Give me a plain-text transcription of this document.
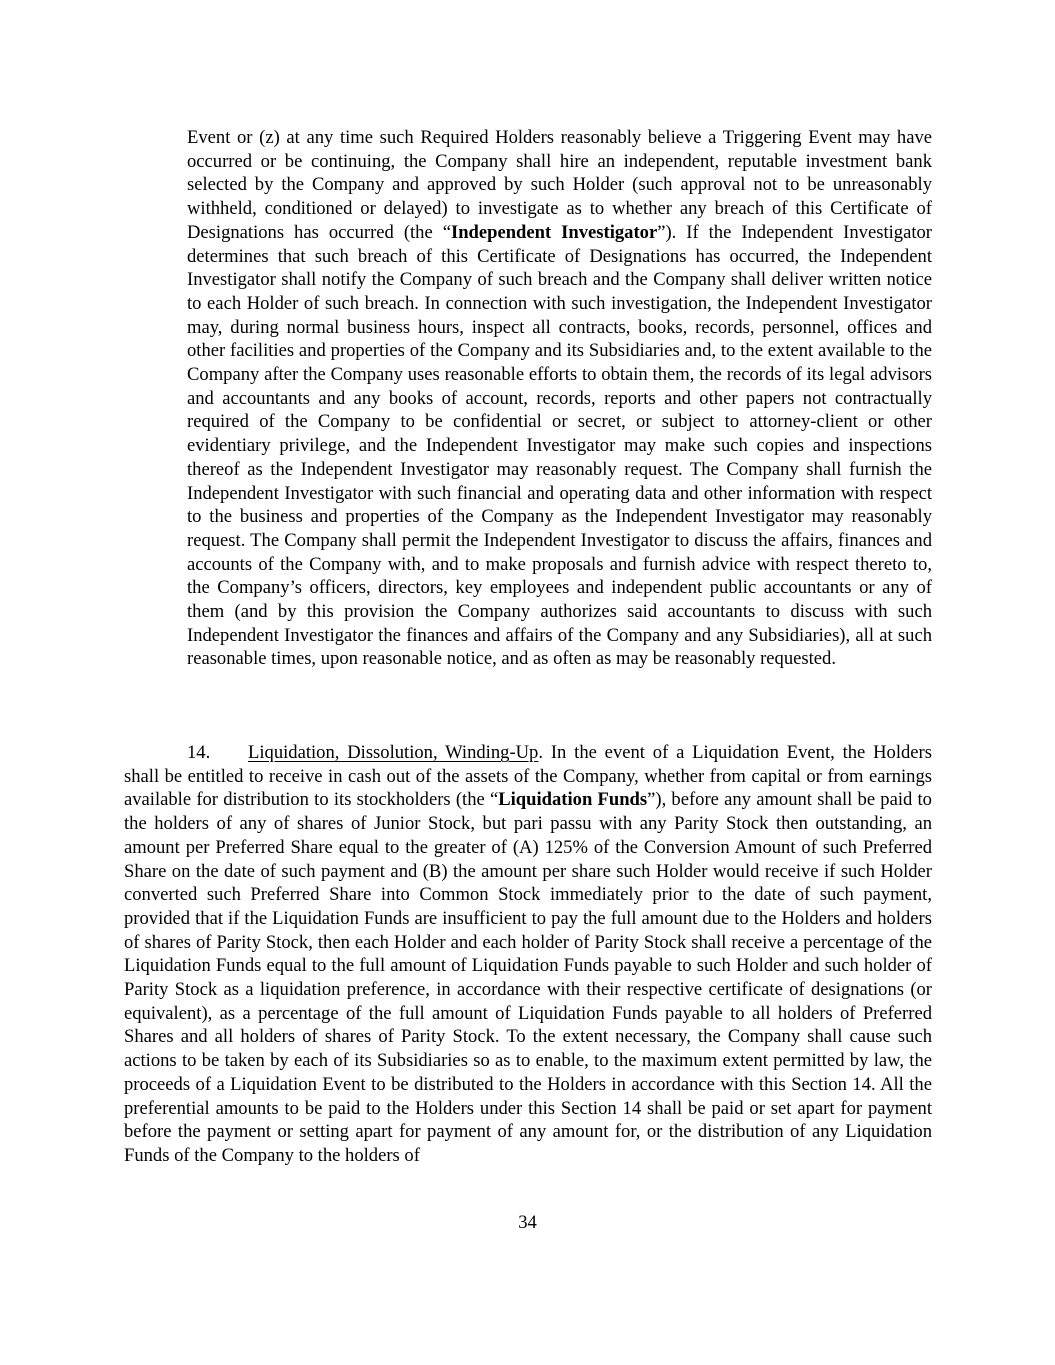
Event or (z) at any time such Required Holders reasonably believe a Triggering Event may have occurred or be continuing, the Company shall hire an independent, reputable investment bank selected by the Company and approved by such Holder (such approval not to be unreasonably withheld, conditioned or delayed) to investigate as to whether any breach of this Certificate of Designations has occurred (the “Independent Investigator”). If the Independent Investigator determines that such breach of this Certificate of Designations has occurred, the Independent Investigator shall notify the Company of such breach and the Company shall deliver written notice to each Holder of such breach. In connection with such investigation, the Independent Investigator may, during normal business hours, inspect all contracts, books, records, personnel, offices and other facilities and properties of the Company and its Subsidiaries and, to the extent available to the Company after the Company uses reasonable efforts to obtain them, the records of its legal advisors and accountants and any books of account, records, reports and other papers not contractually required of the Company to be confidential or secret, or subject to attorney-client or other evidentiary privilege, and the Independent Investigator may make such copies and inspections thereof as the Independent Investigator may reasonably request. The Company shall furnish the Independent Investigator with such financial and operating data and other information with respect to the business and properties of the Company as the Independent Investigator may reasonably request. The Company shall permit the Independent Investigator to discuss the affairs, finances and accounts of the Company with, and to make proposals and furnish advice with respect thereto to, the Company’s officers, directors, key employees and independent public accountants or any of them (and by this provision the Company authorizes said accountants to discuss with such Independent Investigator the finances and affairs of the Company and any Subsidiaries), all at such reasonable times, upon reasonable notice, and as often as may be reasonably requested.

14. Liquidation, Dissolution, Winding-Up. In the event of a Liquidation Event, the Holders shall be entitled to receive in cash out of the assets of the Company, whether from capital or from earnings available for distribution to its stockholders (the “Liquidation Funds”), before any amount shall be paid to the holders of any of shares of Junior Stock, but pari passu with any Parity Stock then outstanding, an amount per Preferred Share equal to the greater of (A) 125% of the Conversion Amount of such Preferred Share on the date of such payment and (B) the amount per share such Holder would receive if such Holder converted such Preferred Share into Common Stock immediately prior to the date of such payment, provided that if the Liquidation Funds are insufficient to pay the full amount due to the Holders and holders of shares of Parity Stock, then each Holder and each holder of Parity Stock shall receive a percentage of the Liquidation Funds equal to the full amount of Liquidation Funds payable to such Holder and such holder of Parity Stock as a liquidation preference, in accordance with their respective certificate of designations (or equivalent), as a percentage of the full amount of Liquidation Funds payable to all holders of Preferred Shares and all holders of shares of Parity Stock. To the extent necessary, the Company shall cause such actions to be taken by each of its Subsidiaries so as to enable, to the maximum extent permitted by law, the proceeds of a Liquidation Event to be distributed to the Holders in accordance with this Section 14. All the preferential amounts to be paid to the Holders under this Section 14 shall be paid or set apart for payment before the payment or setting apart for payment of any amount for, or the distribution of any Liquidation Funds of the Company to the holders of

34
